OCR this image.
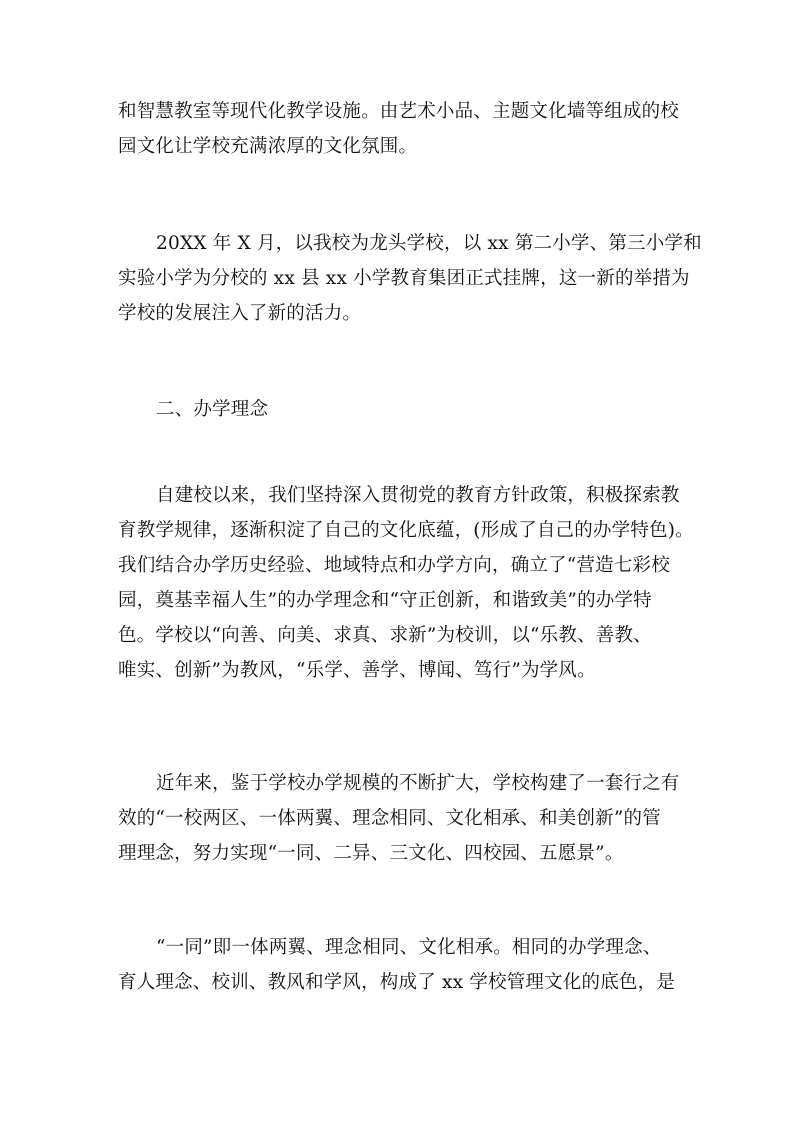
和智慧教室等现代化教学设施。由艺术小品、主题文化墙等组成的校
园文化让学校充满浓厚的文化氛围。

20XX 年 X 月，以我校为龙头学校，以 xx 第二小学、第三小学和
实验小学为分校的 xx 县 xx 小学教育集团正式挂牌，这一新的举措为
学校的发展注入了新的活力。

二、办学理念

自建校以来，我们坚持深入贯彻党的教育方针政策，积极探索教
育教学规律，逐渐积淀了自己的文化底蕴，(形成了自己的办学特色)。
我们结合办学历史经验、地域特点和办学方向，确立了“营造七彩校
园，奠基幸福人生”的办学理念和“守正创新，和谐致美”的办学特
色。学校以“向善、向美、求真、求新”为校训，以“乐教、善教、
唯实、创新”为教风，“乐学、善学、博闻、笃行”为学风。

近年来，鉴于学校办学规模的不断扩大，学校构建了一套行之有
效的“一校两区、一体两翼、理念相同、文化相承、和美创新”的管
理理念，努力实现“一同、二异、三文化、四校园、五愿景”。

“一同”即一体两翼、理念相同、文化相承。相同的办学理念、
育人理念、校训、教风和学风，构成了 xx 学校管理文化的底色，是
